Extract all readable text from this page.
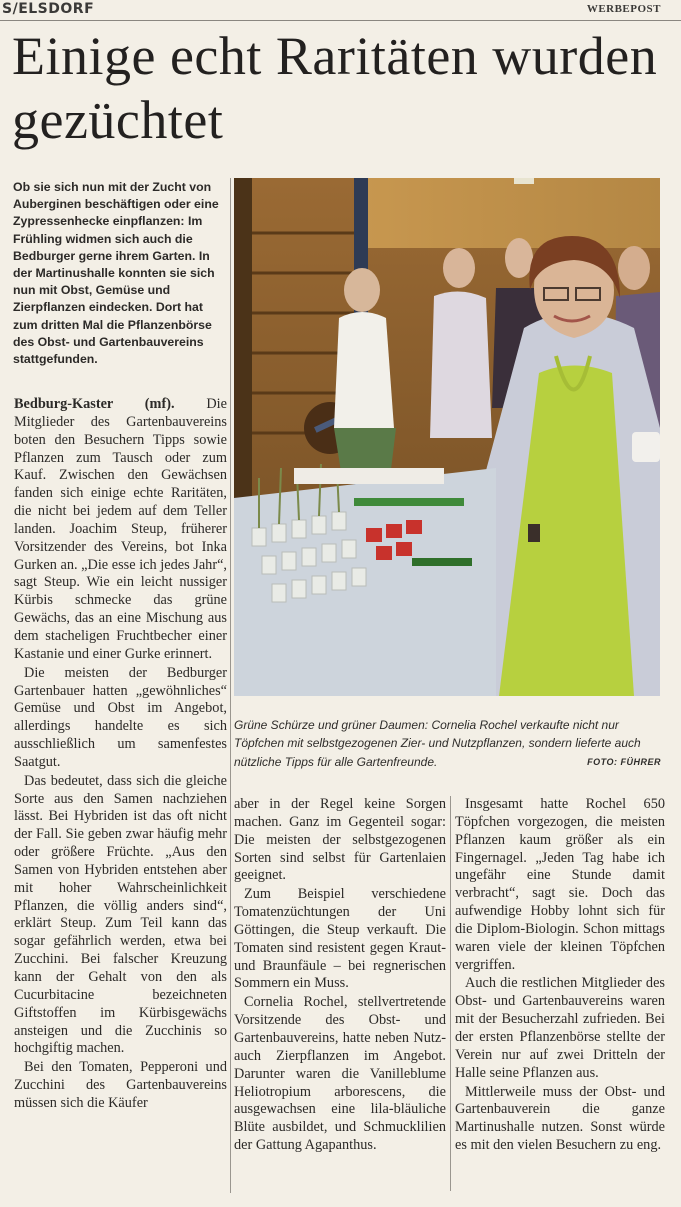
S/ELSDORF	WERBEPOST
Einige echt Raritäten wurden gezüchtet

Ob sie sich nun mit der Zucht von Auberginen beschäftigen oder eine Zypressenhecke einpflanzen: Im Frühling widmen sich auch die Bedburger gerne ihrem Garten. In der Martinushalle konnten sie sich nun mit Obst, Gemüse und Zierpflanzen eindecken. Dort hat zum dritten Mal die Pflanzenbörse des Obst- und Gartenbauvereins stattgefunden.

Bedburg-Kaster (mf). Die Mitglieder des Gartenbauvereins boten den Besuchern Tipps sowie Pflanzen zum Tausch oder zum Kauf. Zwischen den Gewächsen fanden sich einige echte Raritäten, die nicht bei jedem auf dem Teller landen. Joachim Steup, früherer Vorsitzender des Vereins, bot Inka Gurken an. „Die esse ich jedes Jahr“, sagt Steup. Wie ein leicht nussiger Kürbis schmecke das grüne Gewächs, das an eine Mischung aus dem stacheligen Fruchtbecher einer Kastanie und einer Gurke erinnert.

Die meisten der Bedburger Gartenbauer hatten „gewöhnliches“ Gemüse und Obst im Angebot, allerdings handelte es sich ausschließlich um samenfestes Saatgut.

Das bedeutet, dass sich die gleiche Sorte aus den Samen nachziehen lässt. Bei Hybriden ist das oft nicht der Fall. Sie geben zwar häufig mehr oder größere Früchte. „Aus den Samen von Hybriden entstehen aber mit hoher Wahrscheinlichkeit Pflanzen, die völlig anders sind“, erklärt Steup. Zum Teil kann das sogar gefährlich werden, etwa bei Zucchini. Bei falscher Kreuzung kann der Gehalt von den als Cucurbitacine bezeichneten Giftstoffen im Kürbisgewächs ansteigen und die Zucchinis so hochgiftig machen.

Bei den Tomaten, Pepperoni und Zucchini des Gartenbauvereins müssen sich die Käufer

aber in der Regel keine Sorgen machen. Ganz im Gegenteil sogar: Die meisten der selbstgezogenen Sorten sind selbst für Gartenlaien geeignet.

Zum Beispiel verschiedene Tomatenzüchtungen der Uni Göttingen, die Steup verkauft. Die Tomaten sind resistent gegen Kraut- und Braunfäule – bei regnerischen Sommern ein Muss.

Cornelia Rochel, stellvertretende Vorsitzende des Obst- und Gartenbauvereins, hatte neben Nutz- auch Zierpflanzen im Angebot. Darunter waren die Vanilleblume Heliotropium arborescens, die ausgewachsen eine lila-bläuliche Blüte ausbildet, und Schmucklilien der Gattung Agapanthus.

Insgesamt hatte Rochel 650 Töpfchen vorgezogen, die meisten Pflanzen kaum größer als ein Fingernagel. „Jeden Tag habe ich ungefähr eine Stunde damit verbracht“, sagt sie. Doch das aufwendige Hobby lohnt sich für die Diplom-Biologin. Schon mittags waren viele der kleinen Töpfchen vergriffen.

Auch die restlichen Mitglieder des Obst- und Gartenbauvereins waren mit der Besucherzahl zufrieden. Bei der ersten Pflanzenbörse stellte der Verein nur auf zwei Dritteln der Halle seine Pflanzen aus.

Mittlerweile muss der Obst- und Gartenbauverein die ganze Martinushalle nutzen. Sonst würde es mit den vielen Besuchern zu eng.

Grüne Schürze und grüner Daumen: Cornelia Rochel verkaufte nicht nur Töpfchen mit selbstgezogenen Zier- und Nutzpflanzen, sondern lieferte auch nützliche Tipps für alle Gartenfreunde.	FOTO: FÜHRER
